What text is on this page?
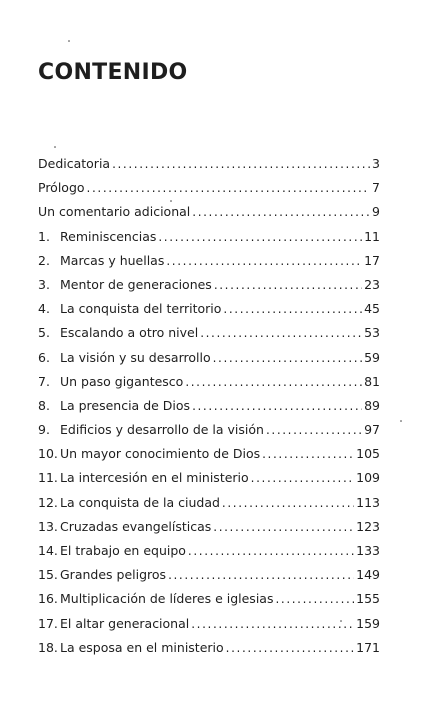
CONTENIDO
Dedicatoria . . .	3
Prólogo . . .	7
Un comentario adicional . . .	9
1. Reminiscencias . . .	11
2. Marcas y huellas . . .	17
3. Mentor de generaciones . . .	23
4. La conquista del territorio . . .	45
5. Escalando a otro nivel . . .	53
6. La visión y su desarrollo . . .	59
7. Un paso gigantesco . . .	81
8. La presencia de Dios . . .	89
9. Edificios y desarrollo de la visión . . .	97
10. Un mayor conocimiento de Dios . . .	105
11. La intercesión en el ministerio . . .	109
12. La conquista de la ciudad . . .	113
13. Cruzadas evangelísticas . . .	123
14. El trabajo en equipo . . .	133
15. Grandes peligros . . .	149
16. Multiplicación de líderes e iglesias . . .	155
17. El altar generacional . . .	159
18. La esposa en el ministerio . . .	171
